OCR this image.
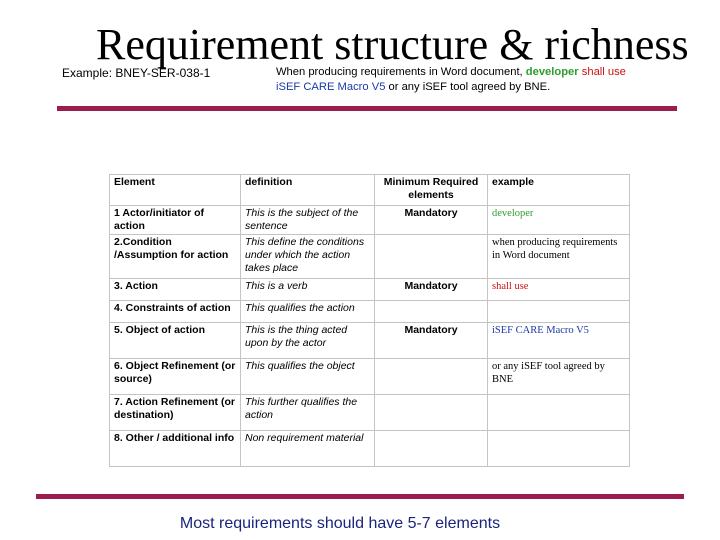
Requirement structure & richness
Example: BNEY-SER-038-1	When producing requirements in Word document, developer shall use
iSEF CARE Macro V5 or any iSEF tool agreed by BNE.
Element	definition	Minimum Required elements	example
1 Actor/initiator of action	This is the subject of the sentence	Mandatory	developer
2.Condition /Assumption for action	This define the conditions under which the action takes place		when producing requirements in Word document
3. Action	This is a verb	Mandatory	shall use
4. Constraints of action	This qualifies the action		
5. Object of action	This is the thing acted upon by the actor	Mandatory	iSEF CARE Macro V5
6. Object Refinement (or source)	This qualifies the object		or any iSEF tool agreed by BNE
7. Action Refinement (or destination)	This further qualifies the action		
8. Other / additional info	Non requirement material		
Most requirements should have 5-7 elements
